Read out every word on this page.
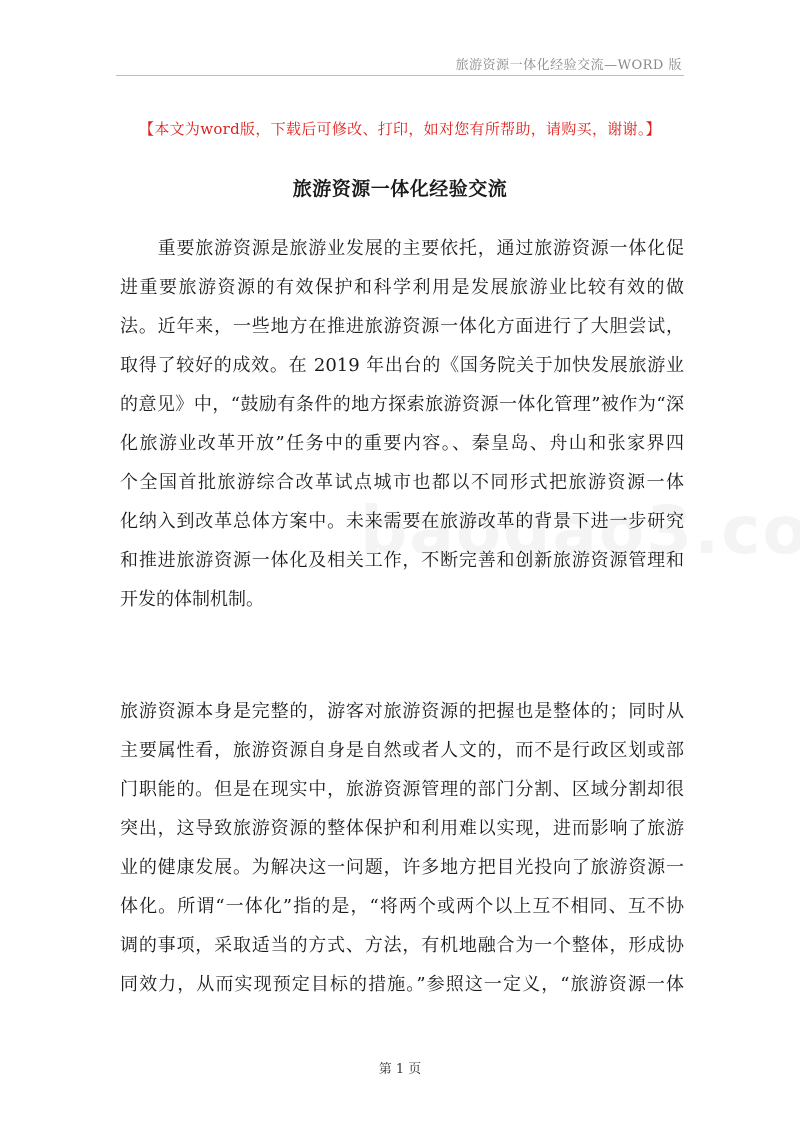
旅游资源一体化经验交流—WORD 版
【本文为word版，下载后可修改、打印，如对您有所帮助，请购买，谢谢。】
旅游资源一体化经验交流
　　重要旅游资源是旅游业发展的主要依托，通过旅游资源一体化促
进重要旅游资源的有效保护和科学利用是发展旅游业比较有效的做
法。近年来，一些地方在推进旅游资源一体化方面进行了大胆尝试，
取得了较好的成效。在 2019 年出台的《国务院关于加快发展旅游业
的意见》中，“鼓励有条件的地方探索旅游资源一体化管理”被作为“深
化旅游业改革开放”任务中的重要内容。、秦皇岛、舟山和张家界四
个全国首批旅游综合改革试点城市也都以不同形式把旅游资源一体
化纳入到改革总体方案中。未来需要在旅游改革的背景下进一步研究
和推进旅游资源一体化及相关工作，不断完善和创新旅游资源管理和
开发的体制机制。
旅游资源本身是完整的，游客对旅游资源的把握也是整体的；同时从
主要属性看，旅游资源自身是自然或者人文的，而不是行政区划或部
门职能的。但是在现实中，旅游资源管理的部门分割、区域分割却很
突出，这导致旅游资源的整体保护和利用难以实现，进而影响了旅游
业的健康发展。为解决这一问题，许多地方把目光投向了旅游资源一
体化。所谓“一体化”指的是，“将两个或两个以上互不相同、互不协
调的事项，采取适当的方式、方法，有机地融合为一个整体，形成协
同效力，从而实现预定目标的措施。”参照这一定义，“旅游资源一体
第 1 页
